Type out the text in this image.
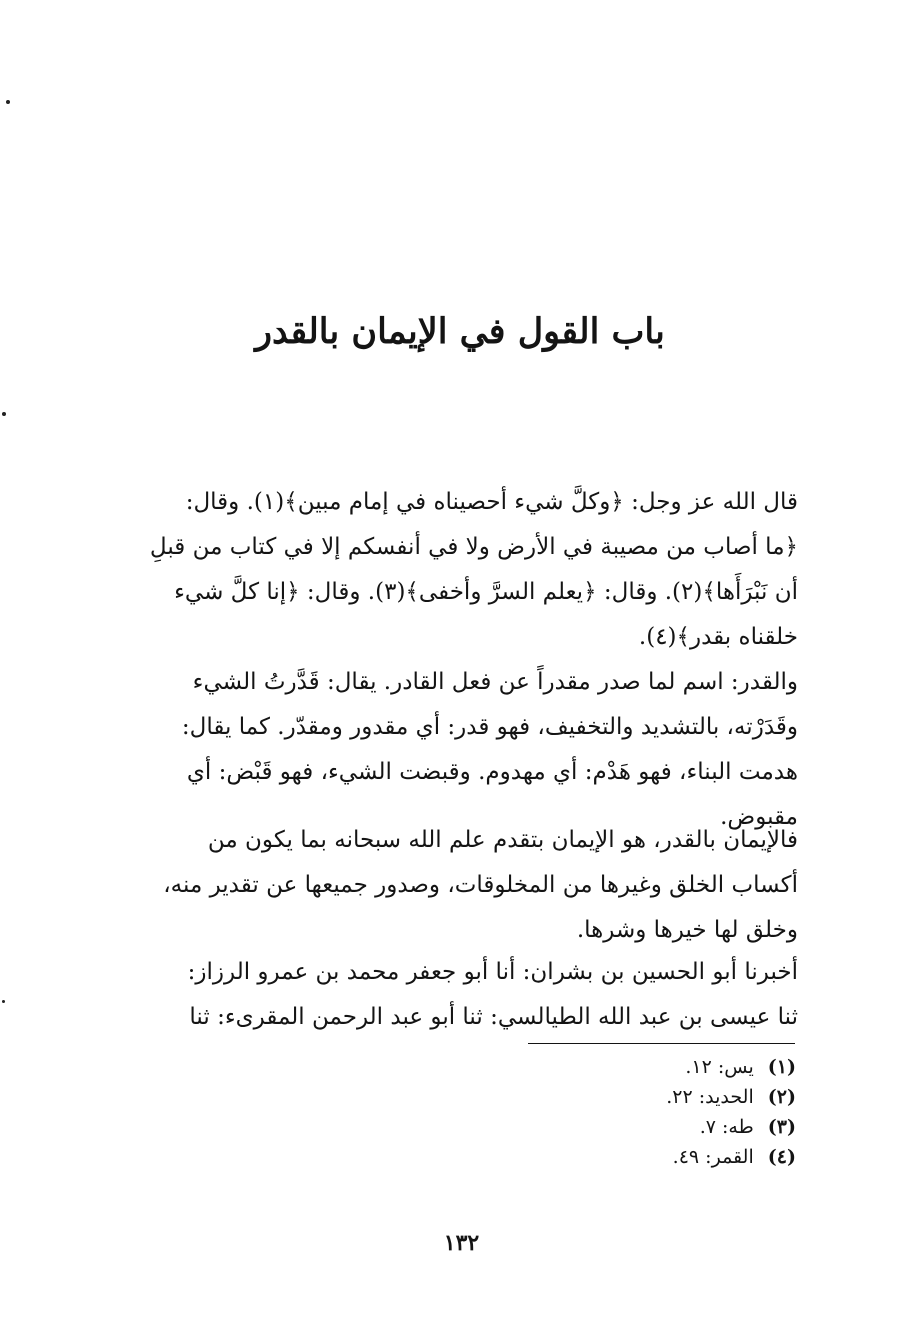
باب القول في الإيمان بالقدر

قال الله عز وجل: ﴿وكلَّ شيء أحصيناه في إمام مبين﴾(١). وقال:
﴿ما أصاب من مصيبة في الأرض ولا في أنفسكم إلا في كتاب من قبلِ
أن نَبْرَأَها﴾(٢). وقال: ﴿يعلم السرَّ وأخفى﴾(٣). وقال: ﴿إنا كلَّ شيء
خلقناه بقدر﴾(٤).

والقدر: اسم لما صدر مقدراً عن فعل القادر. يقال: قَدَّرتُ الشيء
وقَدَرْته، بالتشديد والتخفيف، فهو قدر: أي مقدور ومقدّر. كما يقال:
هدمت البناء، فهو هَدْم: أي مهدوم. وقبضت الشيء، فهو قَبْض: أي
مقبوض.

فالإيمان بالقدر، هو الإيمان بتقدم علم الله سبحانه بما يكون من
أكساب الخلق وغيرها من المخلوقات، وصدور جميعها عن تقدير منه،
وخلق لها خيرها وشرها.

أخبرنا أبو الحسين بن بشران: أنا أبو جعفر محمد بن عمرو الرزاز:
ثنا عيسى بن عبد الله الطيالسي: ثنا أبو عبد الرحمن المقرىء: ثنا

(١) يس: ١٢.
(٢) الحديد: ٢٢.
(٣) طه: ٧.
(٤) القمر: ٤٩.
١٣٢
